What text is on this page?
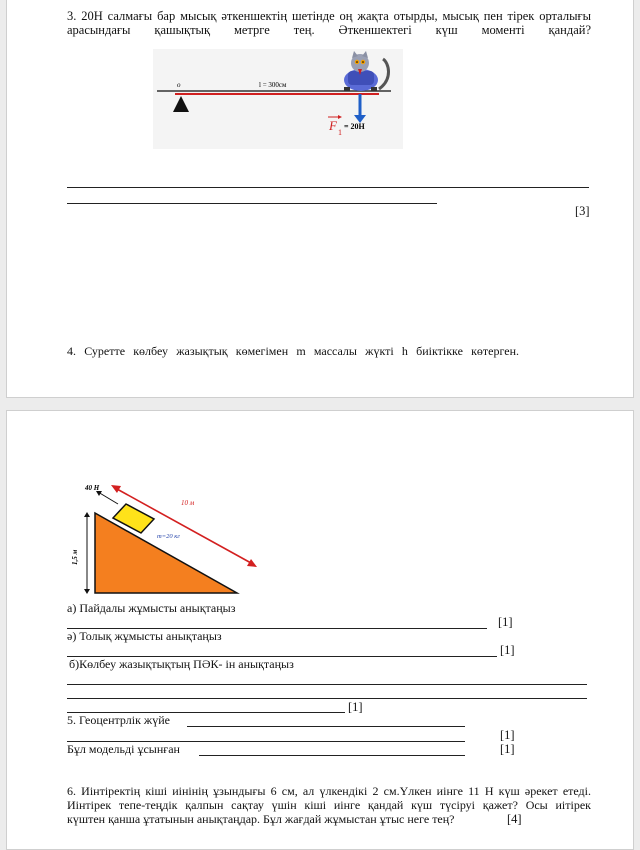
3. 20Н салмағы бар мысық әткеншектің шетінде оң жақта отырды, мысық пен тірек орталығы
арасындағы қашықтық метрге тең. Әткеншектегі күш моментi қандай?
o	l = 300см
F 1
= 20Н
[3]
4. Суретте көлбеу жазықтық көмегiмен m массалы жүктi h биiктiкке көтерген.
1,5 м
40 Н
10 м
m=20 кг
а) Пайдалы жұмысты анықтаңыз
[1]
ә) Толық жұмысты анықтаңыз
[1]
б)Көлбеу жазықтықтың ПӘК- ін анықтаңыз
[1]
5. Геоцентрлік жүйе
[1]
Бұл модельді ұсынған	[1]
6. Иінтіректің кіші иінінің ұзындығы 6 см, ал үлкендікі 2 см.Үлкен иінге 11 Н күш әрекет етеді.
Иінтірек тепе-теңдік қалпын сақтау үшін кіші иінге қандай күш түсіруі қажет? Осы иітірек
күштен қанша ұтатынын анықтаңдар. Бұл жағдай жұмыстан ұтыс неге тең?	[4]
